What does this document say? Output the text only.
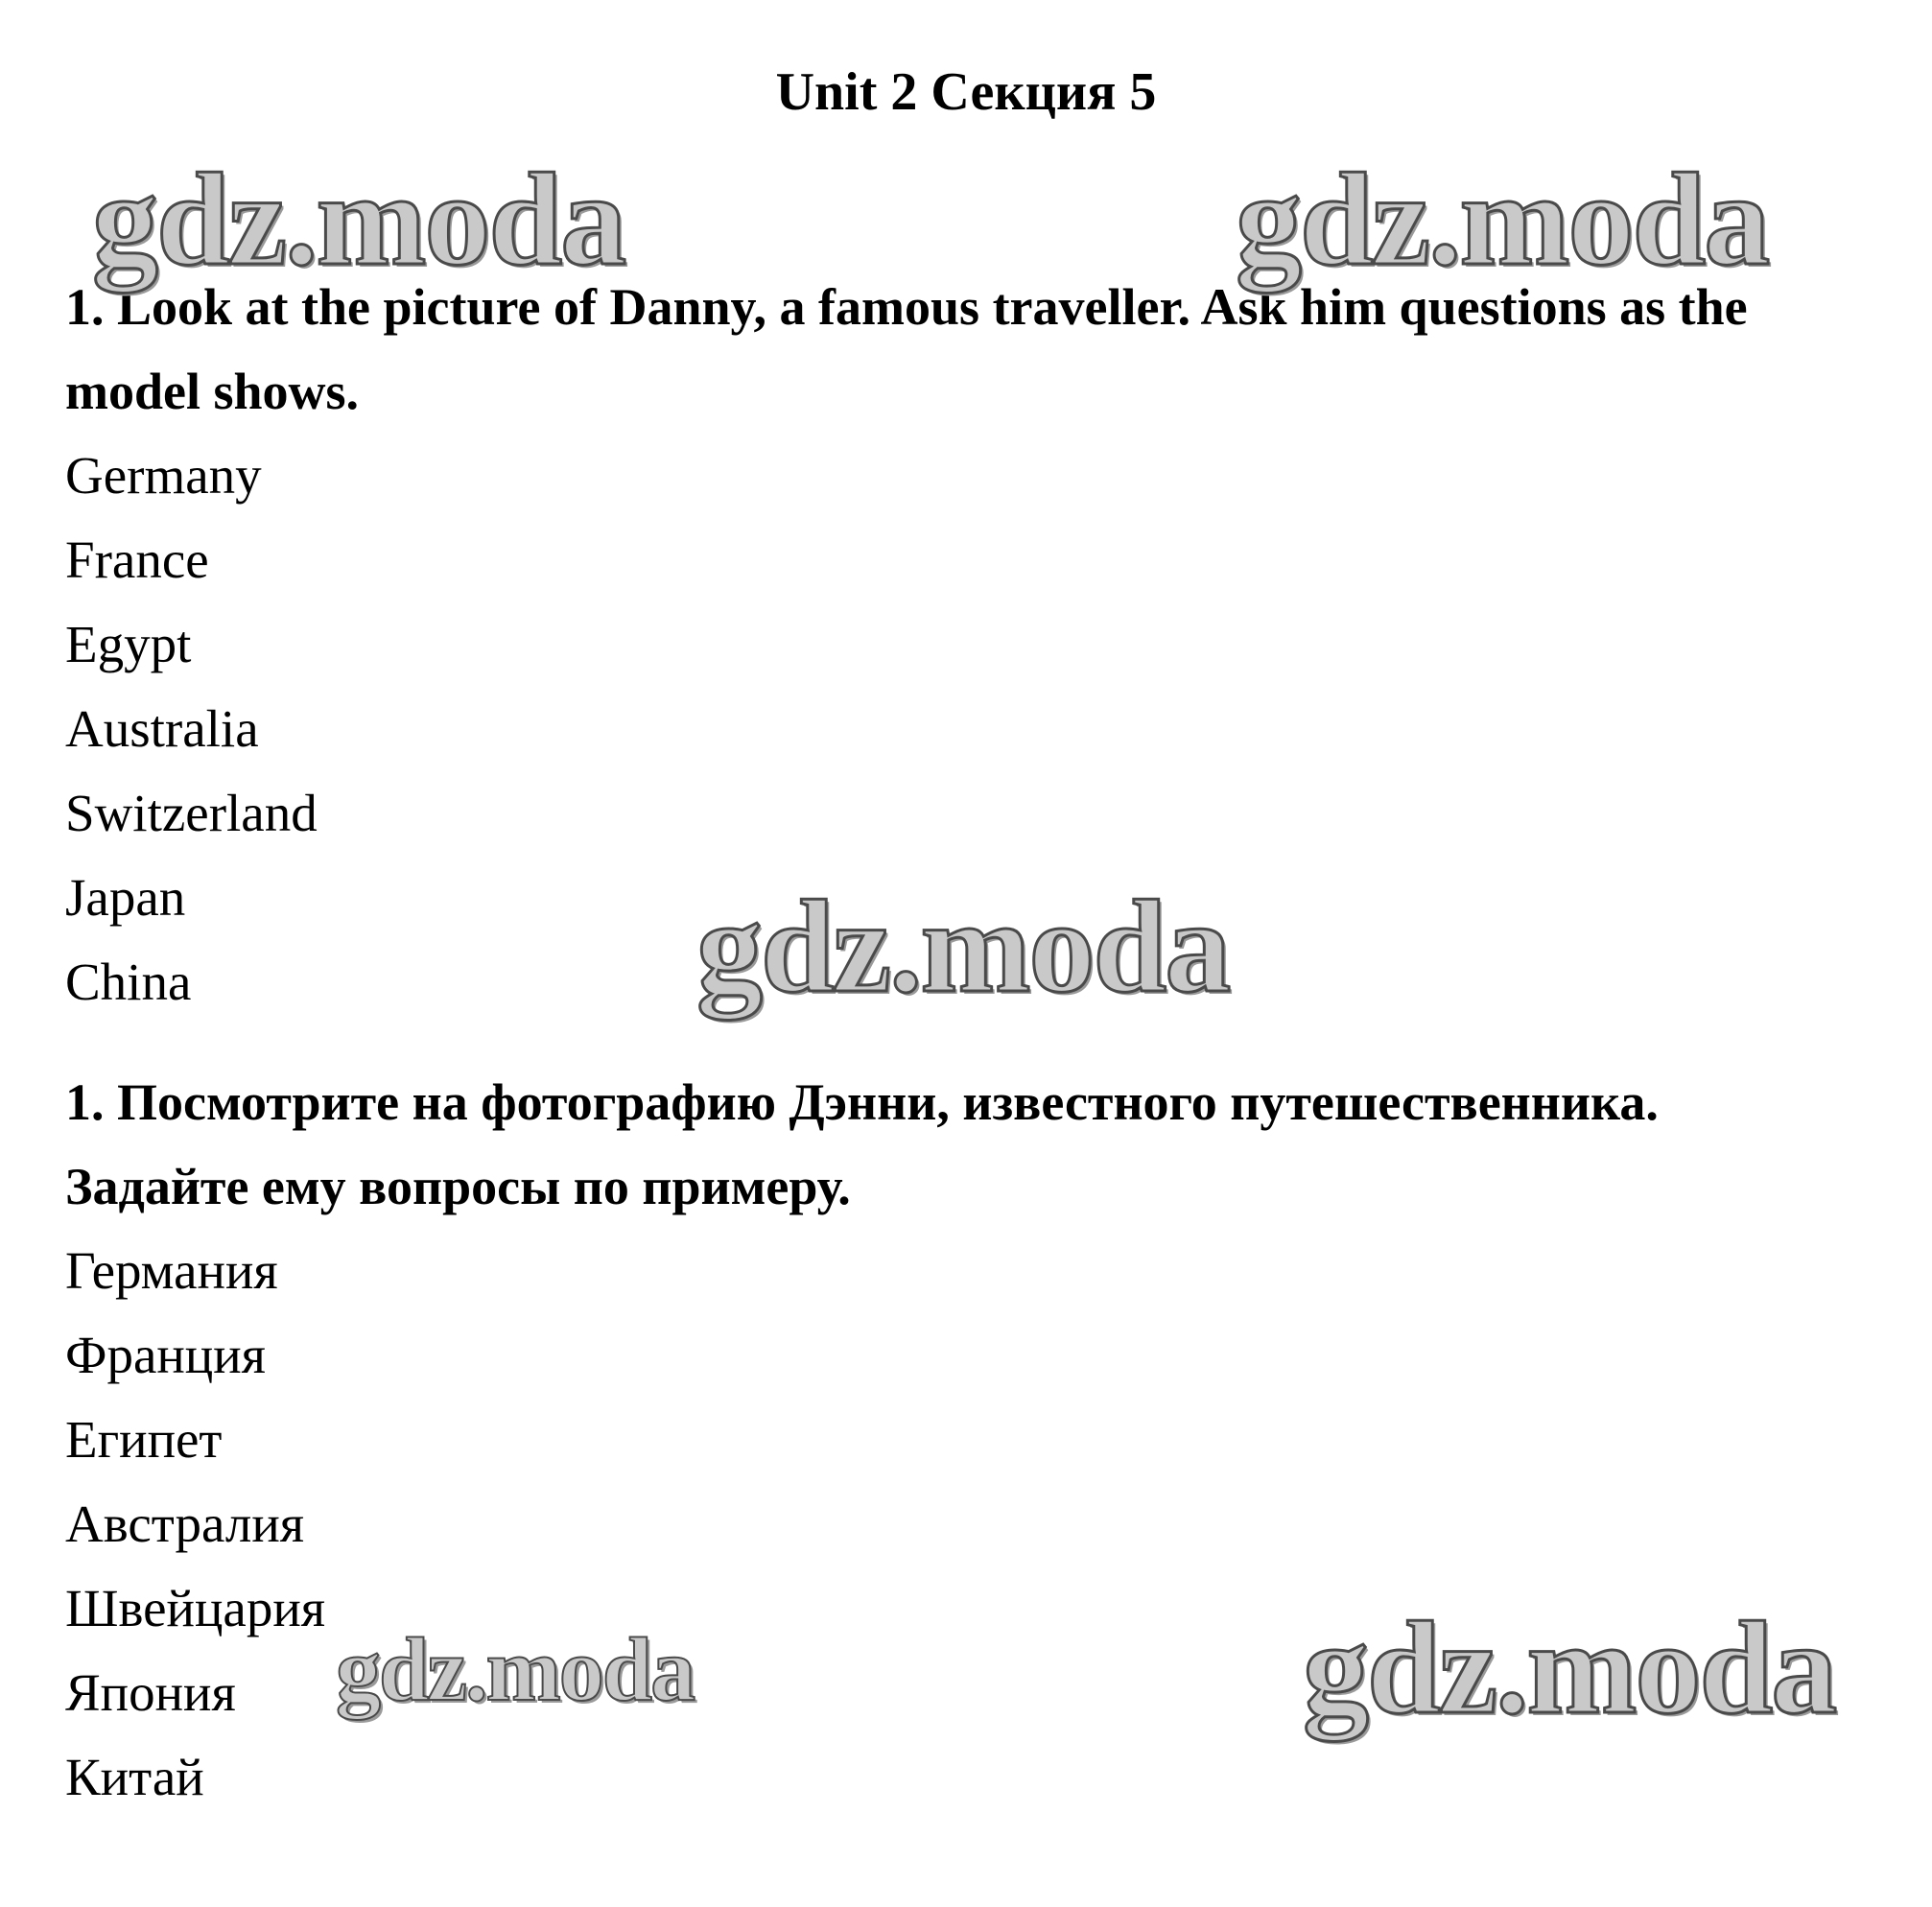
Unit 2 Секция 5

1. Look at the picture of Danny, a famous traveller. Ask him questions as the
model shows.

Germany
France
Egypt
Australia
Switzerland
Japan
China

1. Посмотрите на фотографию Дэнни, известного путешественника.
Задайте ему вопросы по примеру.

Германия
Франция
Египет
Австралия
Швейцария
Япония
Китай
gdz.moda	gdz.moda
gdz.moda
gdz.moda	gdz.moda
